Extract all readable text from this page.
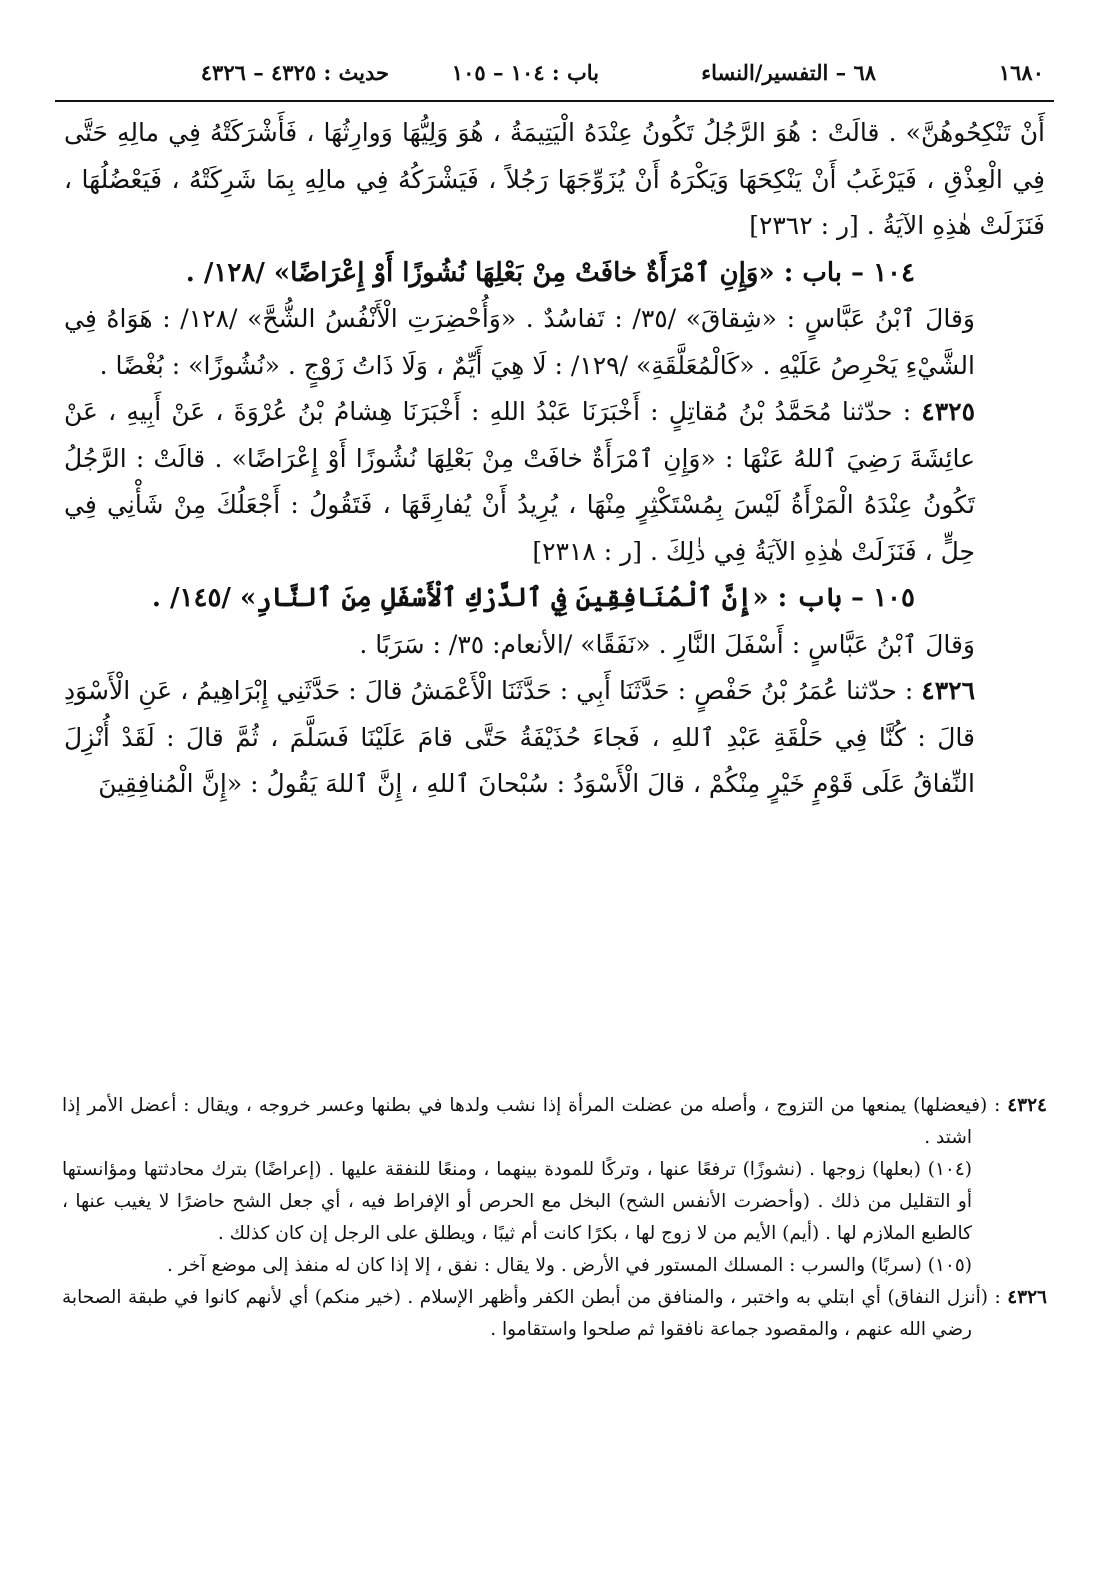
١٦٨٠
٦٨ – التفسير/النساء
باب : ١٠٤ – ١٠٥
حديث : ٤٣٢٥ – ٤٣٢٦

أَنْ تَنْكِحُوهُنَّ» . قالَتْ : هُوَ الرَّجُلُ تَكُونُ عِنْدَهُ الْيَتِيمَةُ ، هُوَ وَلِيُّهَا وَوارِثُهَا ، فَأَشْرَكَتْهُ فِي مالِهِ حَتَّى فِي الْعِذْقِ ، فَيَرْغَبُ أَنْ يَنْكِحَهَا وَيَكْرَهُ أَنْ يُزَوِّجَهَا رَجُلاً ، فَيَشْرَكُهُ فِي مالِهِ بِمَا شَرِكَتْهُ ، فَيَعْضُلُهَا ، فَنَزَلَتْ هٰذِهِ الآيَةُ . [ر : ٢٣٦٢]

١٠٤ – باب : «وَإِنِ ٱمْرَأَةٌ خافَتْ مِنْ بَعْلِهَا نُشُوزًا أَوْ إِعْرَاضًا» /١٢٨/ .

وَقالَ ٱبْنُ عَبَّاسٍ : «شِقاقَ» /٣٥/ : تَفاسُدٌ . «وَأُحْضِرَتِ الْأَنْفُسُ الشُّحَّ» /١٢٨/ : هَوَاهُ فِي الشَّيْءِ يَحْرِصُ عَلَيْهِ . «كَالْمُعَلَّقَةِ» /١٢٩/ : لَا هِيَ أَيِّمٌ ، وَلَا ذَاتُ زَوْجٍ . «نُشُوزًا» : بُغْضًا .

٤٣٢٥ : حدّثنا مُحَمَّدُ بْنُ مُقاتِلٍ : أَخْبَرَنَا عَبْدُ اللهِ : أَخْبَرَنَا هِشامُ بْنُ عُرْوَةَ ، عَنْ أَبِيهِ ، عَنْ عائِشَةَ رَضِيَ ٱللهُ عَنْهَا : «وَإِنِ ٱمْرَأَةٌ خافَتْ مِنْ بَعْلِهَا نُشُوزًا أَوْ إِعْرَاضًا» . قالَتْ : الرَّجُلُ تَكُونُ عِنْدَهُ الْمَرْأَةُ لَيْسَ بِمُسْتَكْثِرٍ مِنْهَا ، يُرِيدُ أَنْ يُفارِقَهَا ، فَتَقُولُ : أَجْعَلُكَ مِنْ شَأْنِي فِي حِلٍّ ، فَنَزَلَتْ هٰذِهِ الآيَةُ فِي ذٰلِكَ . [ر : ٢٣١٨]

١٠٥ – باب : «إِنَّ ٱلْمُنَافِقِينَ فِي ٱلدَّرْكِ ٱلْأَسْفَلِ مِنَ ٱلنَّارِ» /١٤٥/ .

وَقالَ ٱبْنُ عَبَّاسٍ : أَسْفَلَ النَّارِ . «نَفَقًا» /الأنعام: ٣٥/ : سَرَبًا .

٤٣٢٦ : حدّثنا عُمَرُ بْنُ حَفْصٍ : حَدَّثَنَا أَبِي : حَدَّثَنَا الْأَعْمَشُ قالَ : حَدَّثَنِي إِبْرَاهِيمُ ، عَنِ الْأَسْوَدِ قالَ : كُنَّا فِي حَلْقَةِ عَبْدِ ٱللهِ ، فَجاءَ حُذَيْفَةُ حَتَّى قامَ عَلَيْنَا فَسَلَّمَ ، ثُمَّ قالَ : لَقَدْ أُنْزِلَ النِّفاقُ عَلَى قَوْمٍ خَيْرٍ مِنْكُمْ ، قالَ الْأَسْوَدُ : سُبْحانَ ٱللهِ ، إِنَّ ٱللهَ يَقُولُ : «إِنَّ الْمُنافِقِينَ

٤٣٢٤ : (فيعضلها) يمنعها من التزوج ، وأصله من عضلت المرأة إذا نشب ولدها في بطنها وعسر خروجه ، ويقال : أعضل الأمر إذا اشتد .

(١٠٤) (بعلها) زوجها . (نشوزًا) ترفعًا عنها ، وتركًا للمودة بينهما ، ومنعًا للنفقة عليها . (إعراضًا) بترك محادثتها ومؤانستها أو التقليل من ذلك . (وأحضرت الأنفس الشح) البخل مع الحرص أو الإفراط فيه ، أي جعل الشح حاضرًا لا يغيب عنها ، كالطبع الملازم لها . (أيم) الأيم من لا زوج لها ، بكرًا كانت أم ثيبًا ، ويطلق على الرجل إن كان كذلك .

(١٠٥) (سربًا) والسرب : المسلك المستور في الأرض . ولا يقال : نفق ، إلا إذا كان له منفذ إلى موضع آخر .

٤٣٢٦ : (أنزل النفاق) أي ابتلي به واختبر ، والمنافق من أبطن الكفر وأظهر الإسلام . (خير منكم) أي لأنهم كانوا في طبقة الصحابة رضي الله عنهم ، والمقصود جماعة نافقوا ثم صلحوا واستقاموا .
